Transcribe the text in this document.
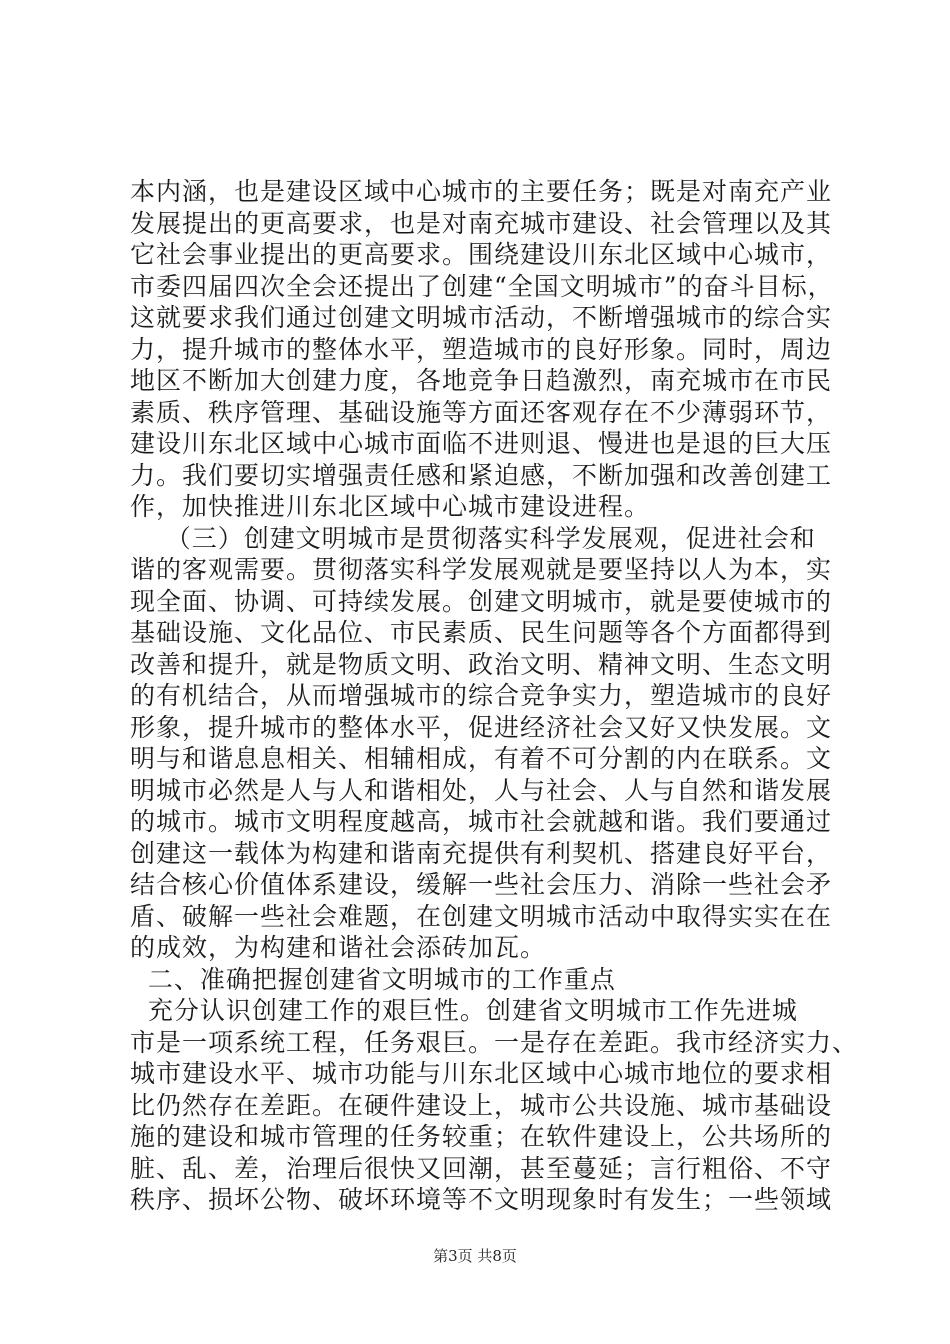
本内涵，也是建设区域中心城市的主要任务；既是对南充产业
发展提出的更高要求，也是对南充城市建设、社会管理以及其
它社会事业提出的更高要求。围绕建设川东北区域中心城市，
市委四届四次全会还提出了创建“全国文明城市”的奋斗目标，
这就要求我们通过创建文明城市活动，不断增强城市的综合实
力，提升城市的整体水平，塑造城市的良好形象。同时，周边
地区不断加大创建力度，各地竞争日趋激烈，南充城市在市民
素质、秩序管理、基础设施等方面还客观存在不少薄弱环节，
建设川东北区域中心城市面临不进则退、慢进也是退的巨大压
力。我们要切实增强责任感和紧迫感，不断加强和改善创建工
作，加快推进川东北区域中心城市建设进程。
（三）创建文明城市是贯彻落实科学发展观，促进社会和
谐的客观需要。贯彻落实科学发展观就是要坚持以人为本，实
现全面、协调、可持续发展。创建文明城市，就是要使城市的
基础设施、文化品位、市民素质、民生问题等各个方面都得到
改善和提升，就是物质文明、政治文明、精神文明、生态文明
的有机结合，从而增强城市的综合竞争实力，塑造城市的良好
形象，提升城市的整体水平，促进经济社会又好又快发展。文
明与和谐息息相关、相辅相成，有着不可分割的内在联系。文
明城市必然是人与人和谐相处，人与社会、人与自然和谐发展
的城市。城市文明程度越高，城市社会就越和谐。我们要通过
创建这一载体为构建和谐南充提供有利契机、搭建良好平台，
结合核心价值体系建设，缓解一些社会压力、消除一些社会矛
盾、破解一些社会难题，在创建文明城市活动中取得实实在在
的成效，为构建和谐社会添砖加瓦。
二、准确把握创建省文明城市的工作重点
充分认识创建工作的艰巨性。创建省文明城市工作先进城
市是一项系统工程，任务艰巨。一是存在差距。我市经济实力、
城市建设水平、城市功能与川东北区域中心城市地位的要求相
比仍然存在差距。在硬件建设上，城市公共设施、城市基础设
施的建设和城市管理的任务较重；在软件建设上，公共场所的
脏、乱、差，治理后很快又回潮，甚至蔓延；言行粗俗、不守
秩序、损坏公物、破坏环境等不文明现象时有发生；一些领域
第3页 共8页
